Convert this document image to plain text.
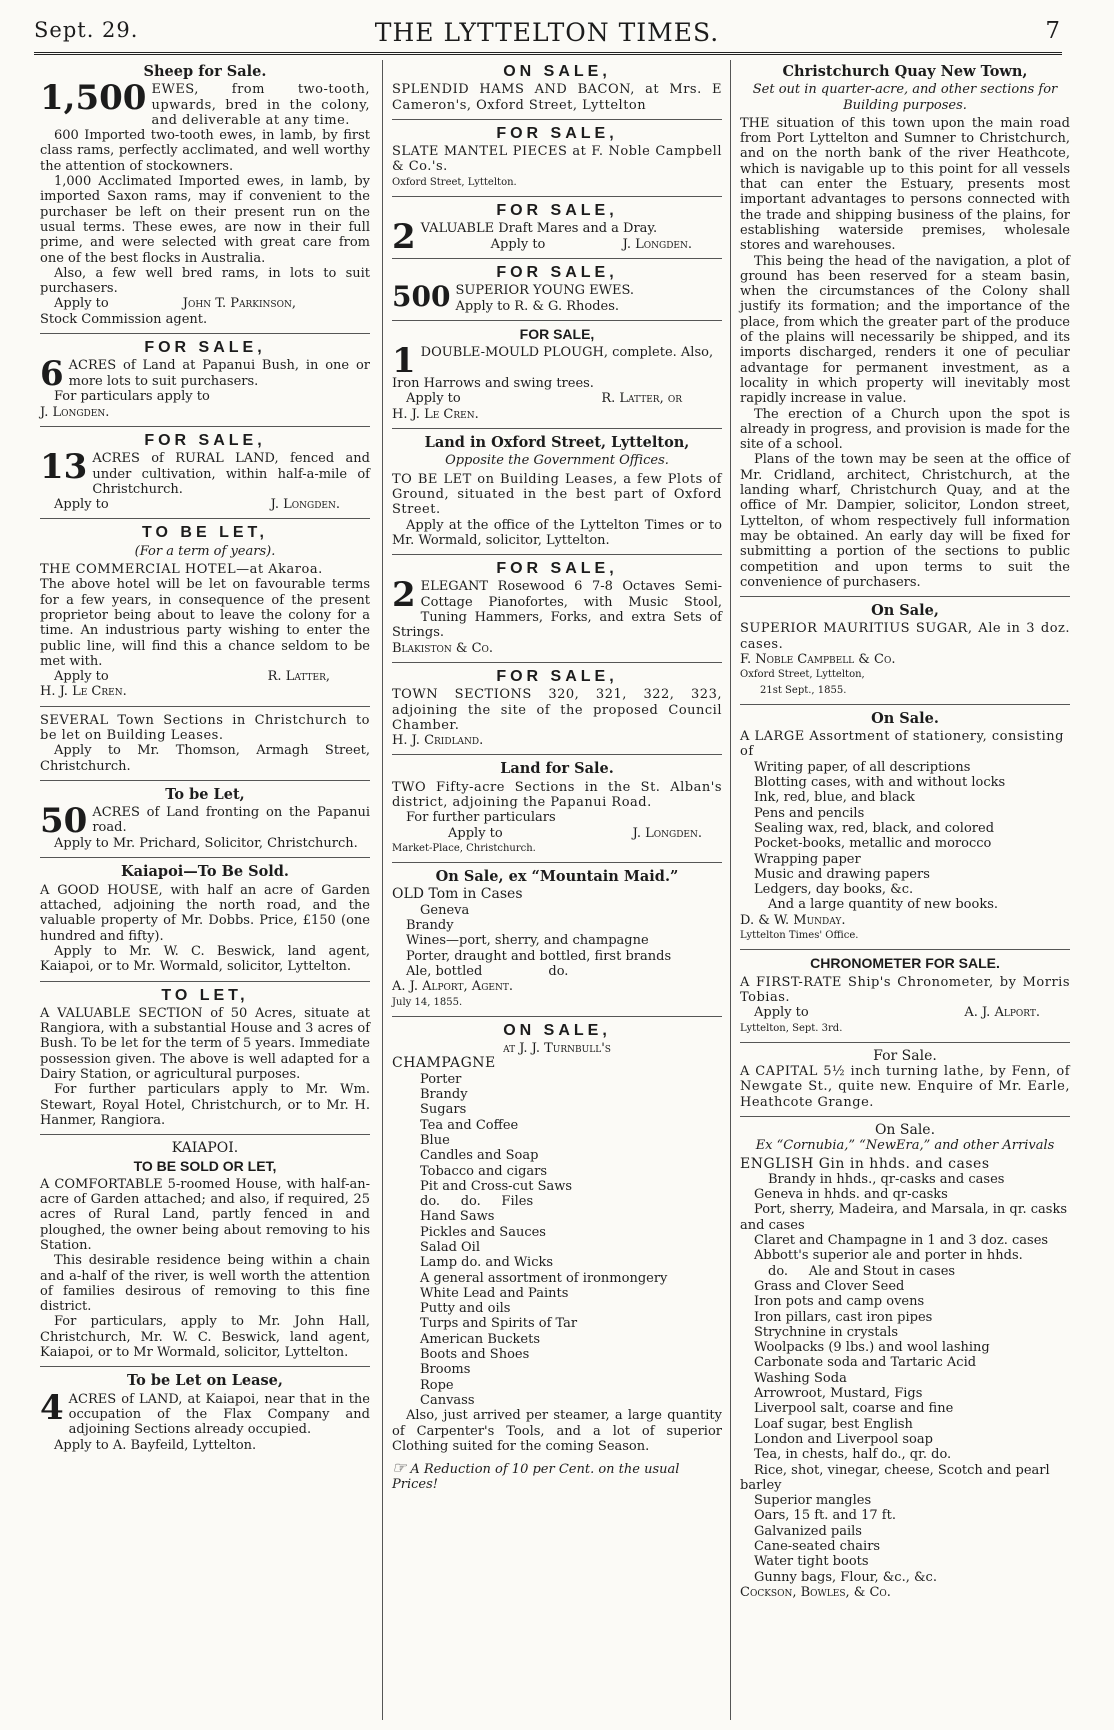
Sept. 29.	THE LYTTELTON TIMES.	7
Sheep for Sale.

1,500 EWES, from two-tooth, upwards, bred in the colony, and deliverable at any time.

600 Imported two-tooth ewes, in lamb, by first class rams, perfectly acclimated, and well worthy the attention of stockowners.

1,000 Acclimated Imported ewes, in lamb, by imported Saxon rams, may if convenient to the purchaser be left on their present run on the usual terms. These ewes, are now in their full prime, and were selected with great care from one of the best flocks in Australia.

Also, a few well bred rams, in lots to suit purchasers.

Apply to	John T. Parkinson,

Stock Commission agent.

FOR SALE,

6 ACRES of Land at Papanui Bush, in one or more lots to suit purchasers.

For particulars apply to

J. Longden.

FOR SALE,

13 ACRES of RURAL LAND, fenced and under cultivation, within half-a-mile of Christchurch.

Apply to	J. Longden.
TO BE LET,
(For a term of years).

THE COMMERCIAL HOTEL—at Akaroa.

The above hotel will be let on favourable terms for a few years, in consequence of the present proprietor being about to leave the colony for a time. An industrious party wishing to enter the public line, will find this a chance seldom to be met with.

Apply to	R. Latter,

H. J. Le Cren.

SEVERAL Town Sections in Christchurch to be let on Building Leases.

Apply to Mr. Thomson, Armagh Street, Christchurch.

To be Let,

50 ACRES of Land fronting on the Papanui road.

Apply to Mr. Prichard, Solicitor, Christchurch.

Kaiapoi—To Be Sold.

A GOOD HOUSE, with half an acre of Garden attached, adjoining the north road, and the valuable property of Mr. Dobbs. Price, £150 (one hundred and fifty).

Apply to Mr. W. C. Beswick, land agent, Kaiapoi, or to Mr. Wormald, solicitor, Lyttelton.

TO LET,

A VALUABLE SECTION of 50 Acres, situate at Rangiora, with a substantial House and 3 acres of Bush. To be let for the term of 5 years. Immediate possession given. The above is well adapted for a Dairy Station, or agricultural purposes.

For further particulars apply to Mr. Wm. Stewart, Royal Hotel, Christchurch, or to Mr. H. Hanmer, Rangiora.

KAIAPOI.
TO BE SOLD OR LET,

A COMFORTABLE 5-roomed House, with half-an-acre of Garden attached; and also, if required, 25 acres of Rural Land, partly fenced in and ploughed, the owner being about removing to his Station.

This desirable residence being within a chain and a-half of the river, is well worth the attention of families desirous of removing to this fine district.

For particulars, apply to Mr. John Hall, Christchurch, Mr. W. C. Beswick, land agent, Kaiapoi, or to Mr Wormald, solicitor, Lyttelton.

To be Let on Lease,

4 ACRES of LAND, at Kaiapoi, near that in the occupation of the Flax Company and adjoining Sections already occupied.

Apply to A. Bayfeild, Lyttelton.

ON SALE,

SPLENDID HAMS AND BACON, at Mrs. E Cameron's, Oxford Street, Lyttelton

FOR SALE,

SLATE MANTEL PIECES at F. Noble Campbell & Co.'s.

Oxford Street, Lyttelton.

FOR SALE,

2 VALUABLE Draft Mares and a Dray.

Apply to	J. Longden.
FOR SALE,

500 SUPERIOR YOUNG EWES.

Apply to R. & G. Rhodes.

FOR SALE,

1 DOUBLE-MOULD PLOUGH, complete. Also,

Iron Harrows and swing trees.

Apply to	R. Latter, or

H. J. Le Cren.

Land in Oxford Street, Lyttelton,
Opposite the Government Offices.

TO BE LET on Building Leases, a few Plots of Ground, situated in the best part of Oxford Street.

Apply at the office of the Lyttelton Times or to Mr. Wormald, solicitor, Lyttelton.

FOR SALE,

2 ELEGANT Rosewood 6 7-8 Octaves Semi-Cottage Pianofortes, with Music Stool, Tuning Hammers, Forks, and extra Sets of Strings.

Blakiston & Co.

FOR SALE,

TOWN SECTIONS 320, 321, 322, 323, adjoining the site of the proposed Council Chamber.

H. J. Cridland.

Land for Sale.

TWO Fifty-acre Sections in the St. Alban's district, adjoining the Papanui Road.

For further particulars

Apply to	J. Longden.

Market-Place, Christchurch.

On Sale, ex “Mountain Maid.”

OLD Tom in Cases

Geneva

Brandy

Wines—port, sherry, and champagne

Porter, draught and bottled, first brands

Ale, bottled                do.

A. J. Alport, Agent.

July 14, 1855.

ON SALE,
at J. J. Turnbull's

CHAMPAGNE

Porter

Brandy

Sugars

Tea and Coffee

Blue

Candles and Soap

Tobacco and cigars

Pit and Cross-cut Saws

do.     do.     Files

Hand Saws

Pickles and Sauces

Salad Oil

Lamp do. and Wicks

A general assortment of ironmongery

White Lead and Paints

Putty and oils

Turps and Spirits of Tar

American Buckets

Boots and Shoes

Brooms

Rope

Canvass

Also, just arrived per steamer, a large quantity of Carpenter's Tools, and a lot of superior Clothing suited for the coming Season.

☞ A Reduction of 10 per Cent. on the usual Prices!

Christchurch Quay New Town,
Set out in quarter-acre, and other sections for Building purposes.

THE situation of this town upon the main road from Port Lyttelton and Sumner to Christchurch, and on the north bank of the river Heathcote, which is navigable up to this point for all vessels that can enter the Estuary, presents most important advantages to persons connected with the trade and shipping business of the plains, for establishing waterside premises, wholesale stores and warehouses.

This being the head of the navigation, a plot of ground has been reserved for a steam basin, when the circumstances of the Colony shall justify its formation; and the importance of the place, from which the greater part of the produce of the plains will necessarily be shipped, and its imports discharged, renders it one of peculiar advantage for permanent investment, as a locality in which property will inevitably most rapidly increase in value.

The erection of a Church upon the spot is already in progress, and provision is made for the site of a school.

Plans of the town may be seen at the office of Mr. Cridland, architect, Christchurch, at the landing wharf, Christchurch Quay, and at the office of Mr. Dampier, solicitor, London street, Lyttelton, of whom respectively full information may be obtained. An early day will be fixed for submitting a portion of the sections to public competition and upon terms to suit the convenience of purchasers.

On Sale,

SUPERIOR MAURITIUS SUGAR, Ale in 3 doz. cases.

F. Noble Campbell & Co.

Oxford Street, Lyttelton,

21st Sept., 1855.

On Sale.

A LARGE Assortment of stationery, consisting of

Writing paper, of all descriptions

Blotting cases, with and without locks

Ink, red, blue, and black

Pens and pencils

Sealing wax, red, black, and colored

Pocket-books, metallic and morocco

Wrapping paper

Music and drawing papers

Ledgers, day books, &c.

And a large quantity of new books.

D. & W. Munday.

Lyttelton Times' Office.

CHRONOMETER FOR SALE.

A FIRST-RATE Ship's Chronometer, by Morris Tobias.

Apply to	A. J. Alport.

Lyttelton, Sept. 3rd.

For Sale.

A CAPITAL 5½ inch turning lathe, by Fenn, of Newgate St., quite new. Enquire of Mr. Earle, Heathcote Grange.

On Sale.
Ex “Cornubia,” “NewEra,” and other Arrivals

ENGLISH Gin in hhds. and cases

Brandy in hhds., qr-casks and cases

Geneva in hhds. and qr-casks

Port, sherry, Madeira, and Marsala, in qr. casks and cases

Claret and Champagne in 1 and 3 doz. cases

Abbott's superior ale and porter in hhds.

do.     Ale and Stout in cases

Grass and Clover Seed

Iron pots and camp ovens

Iron pillars, cast iron pipes

Strychnine in crystals

Woolpacks (9 lbs.) and wool lashing

Carbonate soda and Tartaric Acid

Washing Soda

Arrowroot, Mustard, Figs

Liverpool salt, coarse and fine

Loaf sugar, best English

London and Liverpool soap

Tea, in chests, half do., qr. do.

Rice, shot, vinegar, cheese, Scotch and pearl barley

Superior mangles

Oars, 15 ft. and 17 ft.

Galvanized pails

Cane-seated chairs

Water tight boots

Gunny bags, Flour, &c., &c.

Cockson, Bowles, & Co.
